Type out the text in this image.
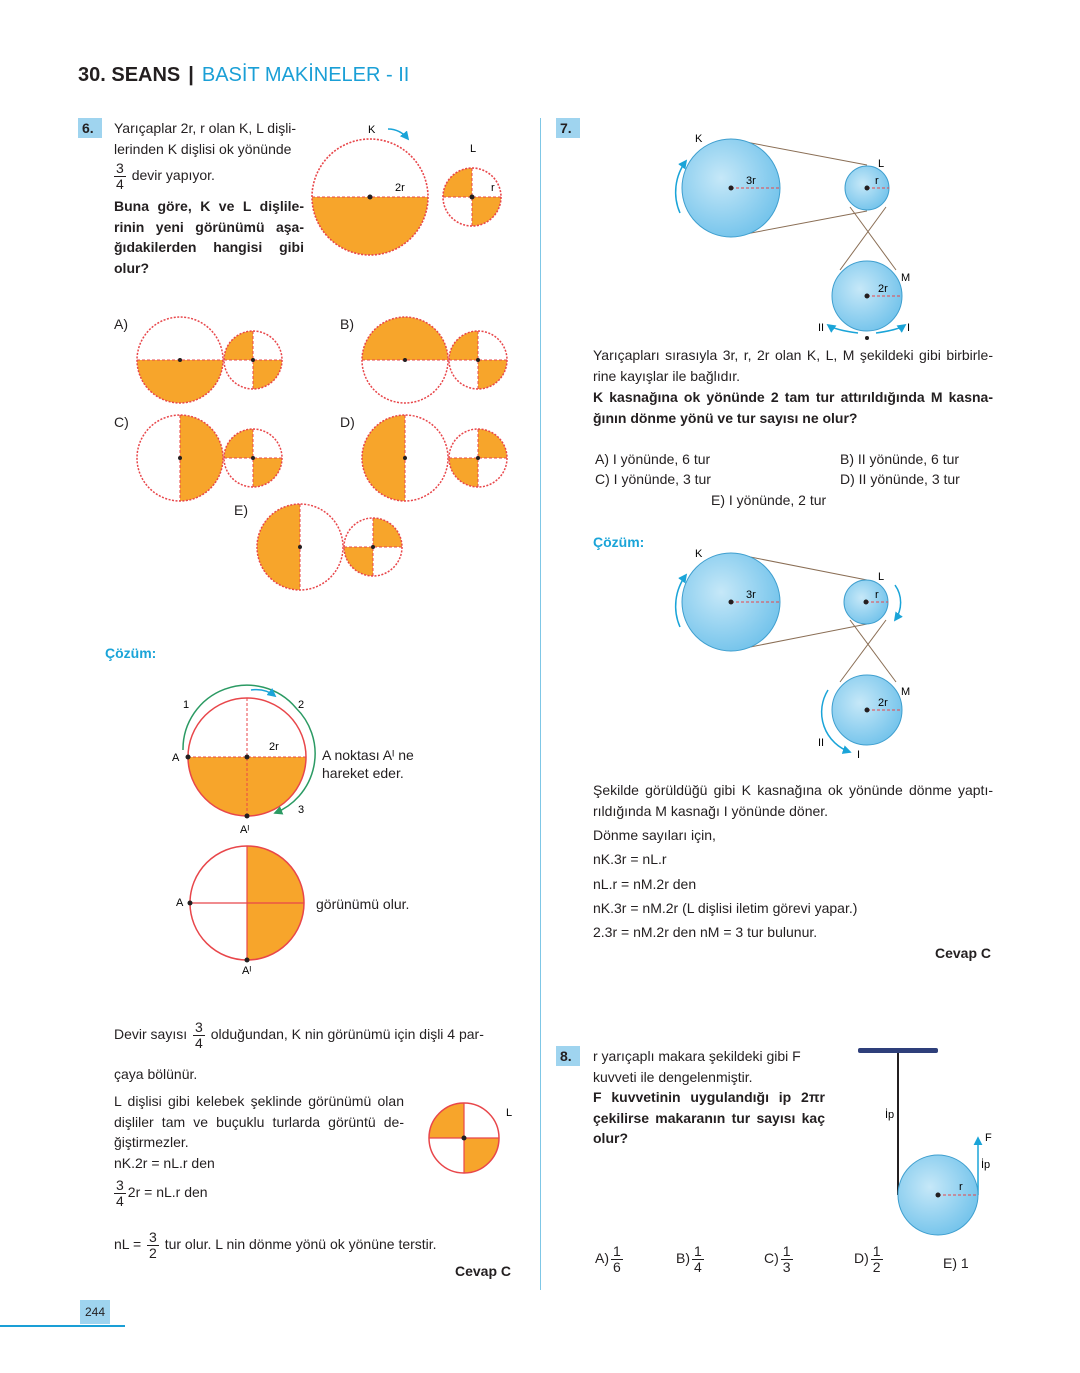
30. SEANS | BASİT MAKİNELER - II
6.	Yarıçaplar 2r, r olan K, L dişli-
lerinden K dişlisi ok yönünde
$\frac{3}{4}$ devir yapıyor.
Buna göre, K ve L dişlile- rinin yeni görünümü aşa- ğıdakilerden hangisi gibi olur?
K
2r
L
r
A)	B)
C)	D)
E)
Çözüm:
1	2
3
A
Aᴵ
2r	A noktası Aᴵ ne hareket eder.
A
Aᴵ
görünümü olur.
Devir sayısı $\frac{3}{4}$ olduğundan, K nin görünümü için dişli 4 par-
çaya bölünür.
L dişlisi gibi kelebek şeklinde görünümü olan dişliler tam ve buçuklu turlarda görüntü de- ğiştirmezler.
nK.2r = nL.r den
$\frac{3}{4} 2r = nL.r$ den
nL = $\frac{3}{2}$ tur olur. L nin dönme yönü ok yönüne terstir.
L
Cevap C
7.
K
L
M
3r	r
2r
II	I
Yarıçapları sırasıyla 3r, r, 2r olan K, L, M şekildeki gibi birbirle- rine kayışlar ile bağlıdır.
K kasnağına ok yönünde 2 tam tur attırıldığında M kasna- ğının dönme yönü ve tur sayısı ne olur?
A) I yönünde, 6 tur	B) II yönünde, 6 tur
C) I yönünde, 3 tur	D) II yönünde, 3 tur
E) I yönünde, 2 tur
Çözüm:
K
L
M
3r	r
2r
II
I
Şekilde görüldüğü gibi K kasnağına ok yönünde dönme yaptı- rıldığında M kasnağı I yönünde döner.
Dönme sayıları için,
nK.3r = nL.r
nL.r = nM.2r den
nK.3r = nM.2r (L dişlisi iletim görevi yapar.)
2.3r = nM.2r den nM = 3 tur bulunur.
Cevap C
8.	r yarıçaplı makara şekildeki gibi F kuvveti ile dengelenmiştir.
F kuvvetinin uygulandığı ip 2πr çekilirse makaranın tur sayısı kaç olur?
İp
İp
F
r
$A) \frac{1}{6}$	$B) \frac{1}{4}$	$C) \frac{1}{3}$	$D) \frac{1}{2}$	E) 1
244
